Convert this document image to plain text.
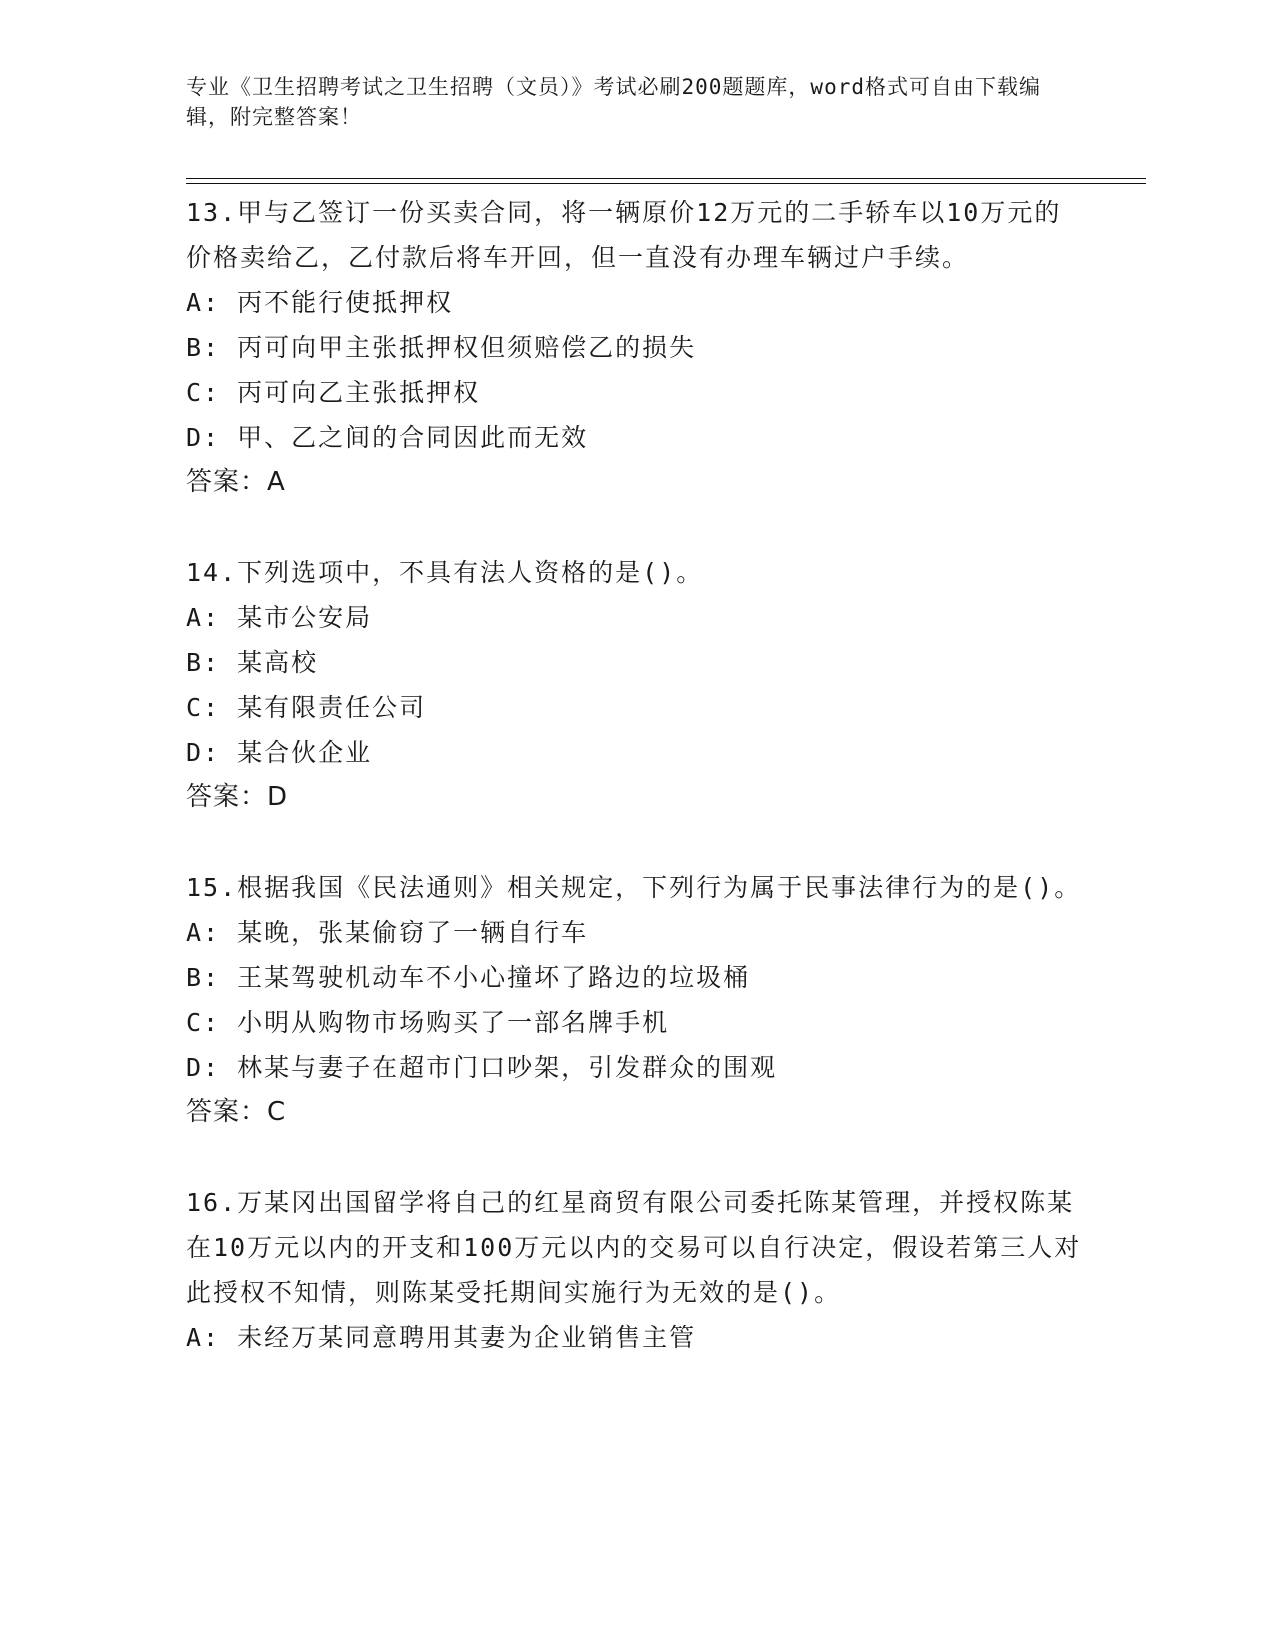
专业《卫生招聘考试之卫生招聘（文员）》考试必刷200题题库，word格式可自由下载编辑，附完整答案！

13.甲与乙签订一份买卖合同，将一辆原价12万元的二手轿车以10万元的价格卖给乙，乙付款后将车开回，但一直没有办理车辆过户手续。

A: 丙不能行使抵押权

B: 丙可向甲主张抵押权但须赔偿乙的损失

C: 丙可向乙主张抵押权

D: 甲、乙之间的合同因此而无效

答案：A

14.下列选项中，不具有法人资格的是()。

A: 某市公安局

B: 某高校

C: 某有限责任公司

D: 某合伙企业

答案：D

15.根据我国《民法通则》相关规定，下列行为属于民事法律行为的是()。

A: 某晚，张某偷窃了一辆自行车

B: 王某驾驶机动车不小心撞坏了路边的垃圾桶

C: 小明从购物市场购买了一部名牌手机

D: 林某与妻子在超市门口吵架，引发群众的围观

答案：C

16.万某冈出国留学将自己的红星商贸有限公司委托陈某管理，并授权陈某在10万元以内的开支和100万元以内的交易可以自行决定，假设若第三人对此授权不知情，则陈某受托期间实施行为无效的是()。

A: 未经万某同意聘用其妻为企业销售主管
